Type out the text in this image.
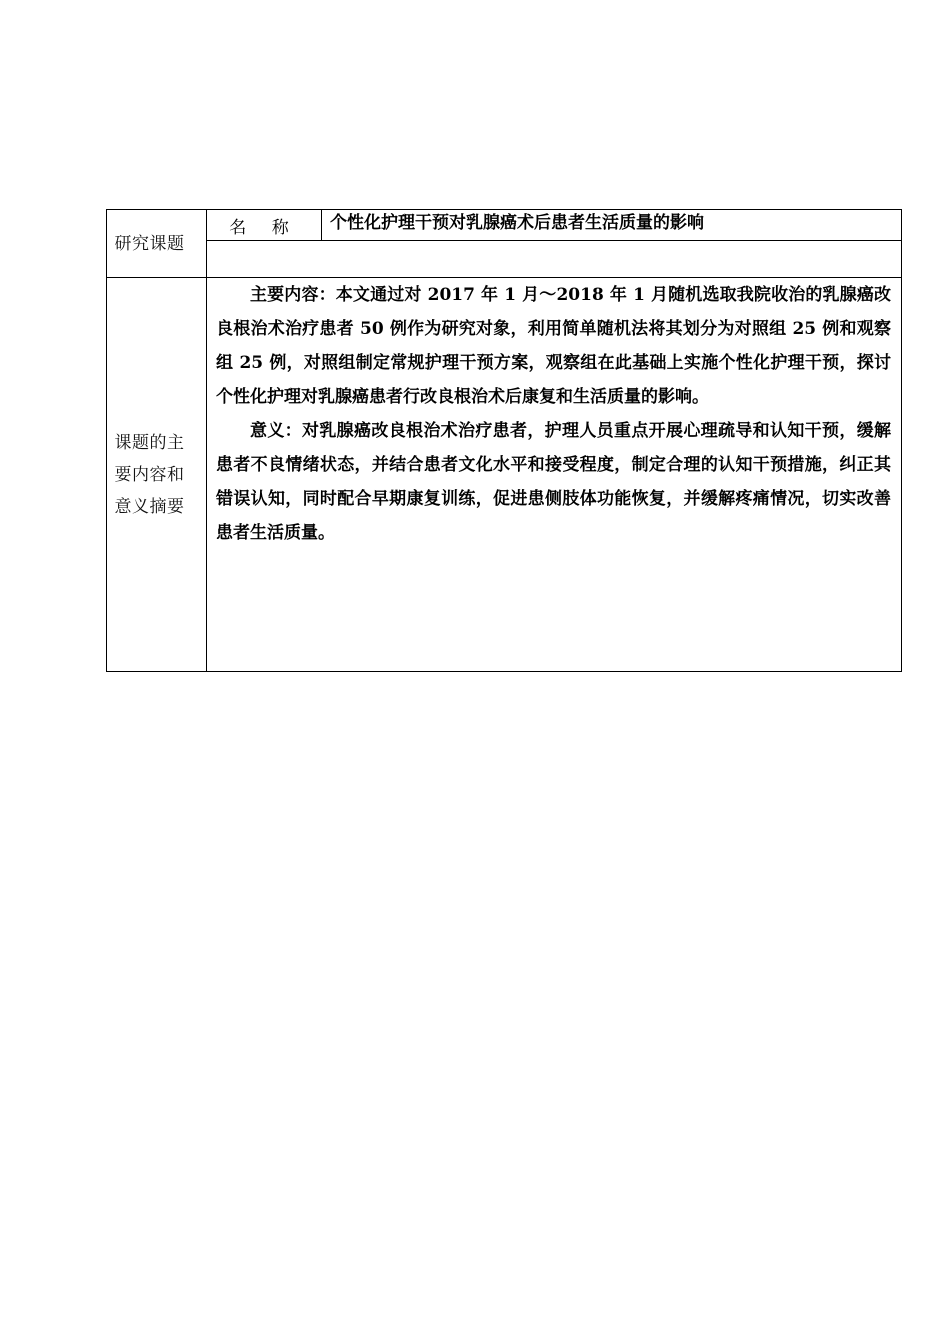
研究课题	名 称	个性化护理干预对乳腺癌术后患者生活质量的影响

课题的主要内容和意义摘要	主要内容：本文通过对 2017 年 1 月～2018 年 1 月随机选取我院收治的乳腺癌改良根治术治疗患者 50 例作为研究对象，利用简单随机法将其划分为对照组 25 例和观察组 25 例，对照组制定常规护理干预方案，观察组在此基础上实施个性化护理干预，探讨个性化护理对乳腺癌患者行改良根治术后康复和生活质量的影响。

意义：对乳腺癌改良根治术治疗患者，护理人员重点开展心理疏导和认知干预，缓解患者不良情绪状态，并结合患者文化水平和接受程度，制定合理的认知干预措施，纠正其错误认知，同时配合早期康复训练，促进患侧肢体功能恢复，并缓解疼痛情况，切实改善患者生活质量。	
